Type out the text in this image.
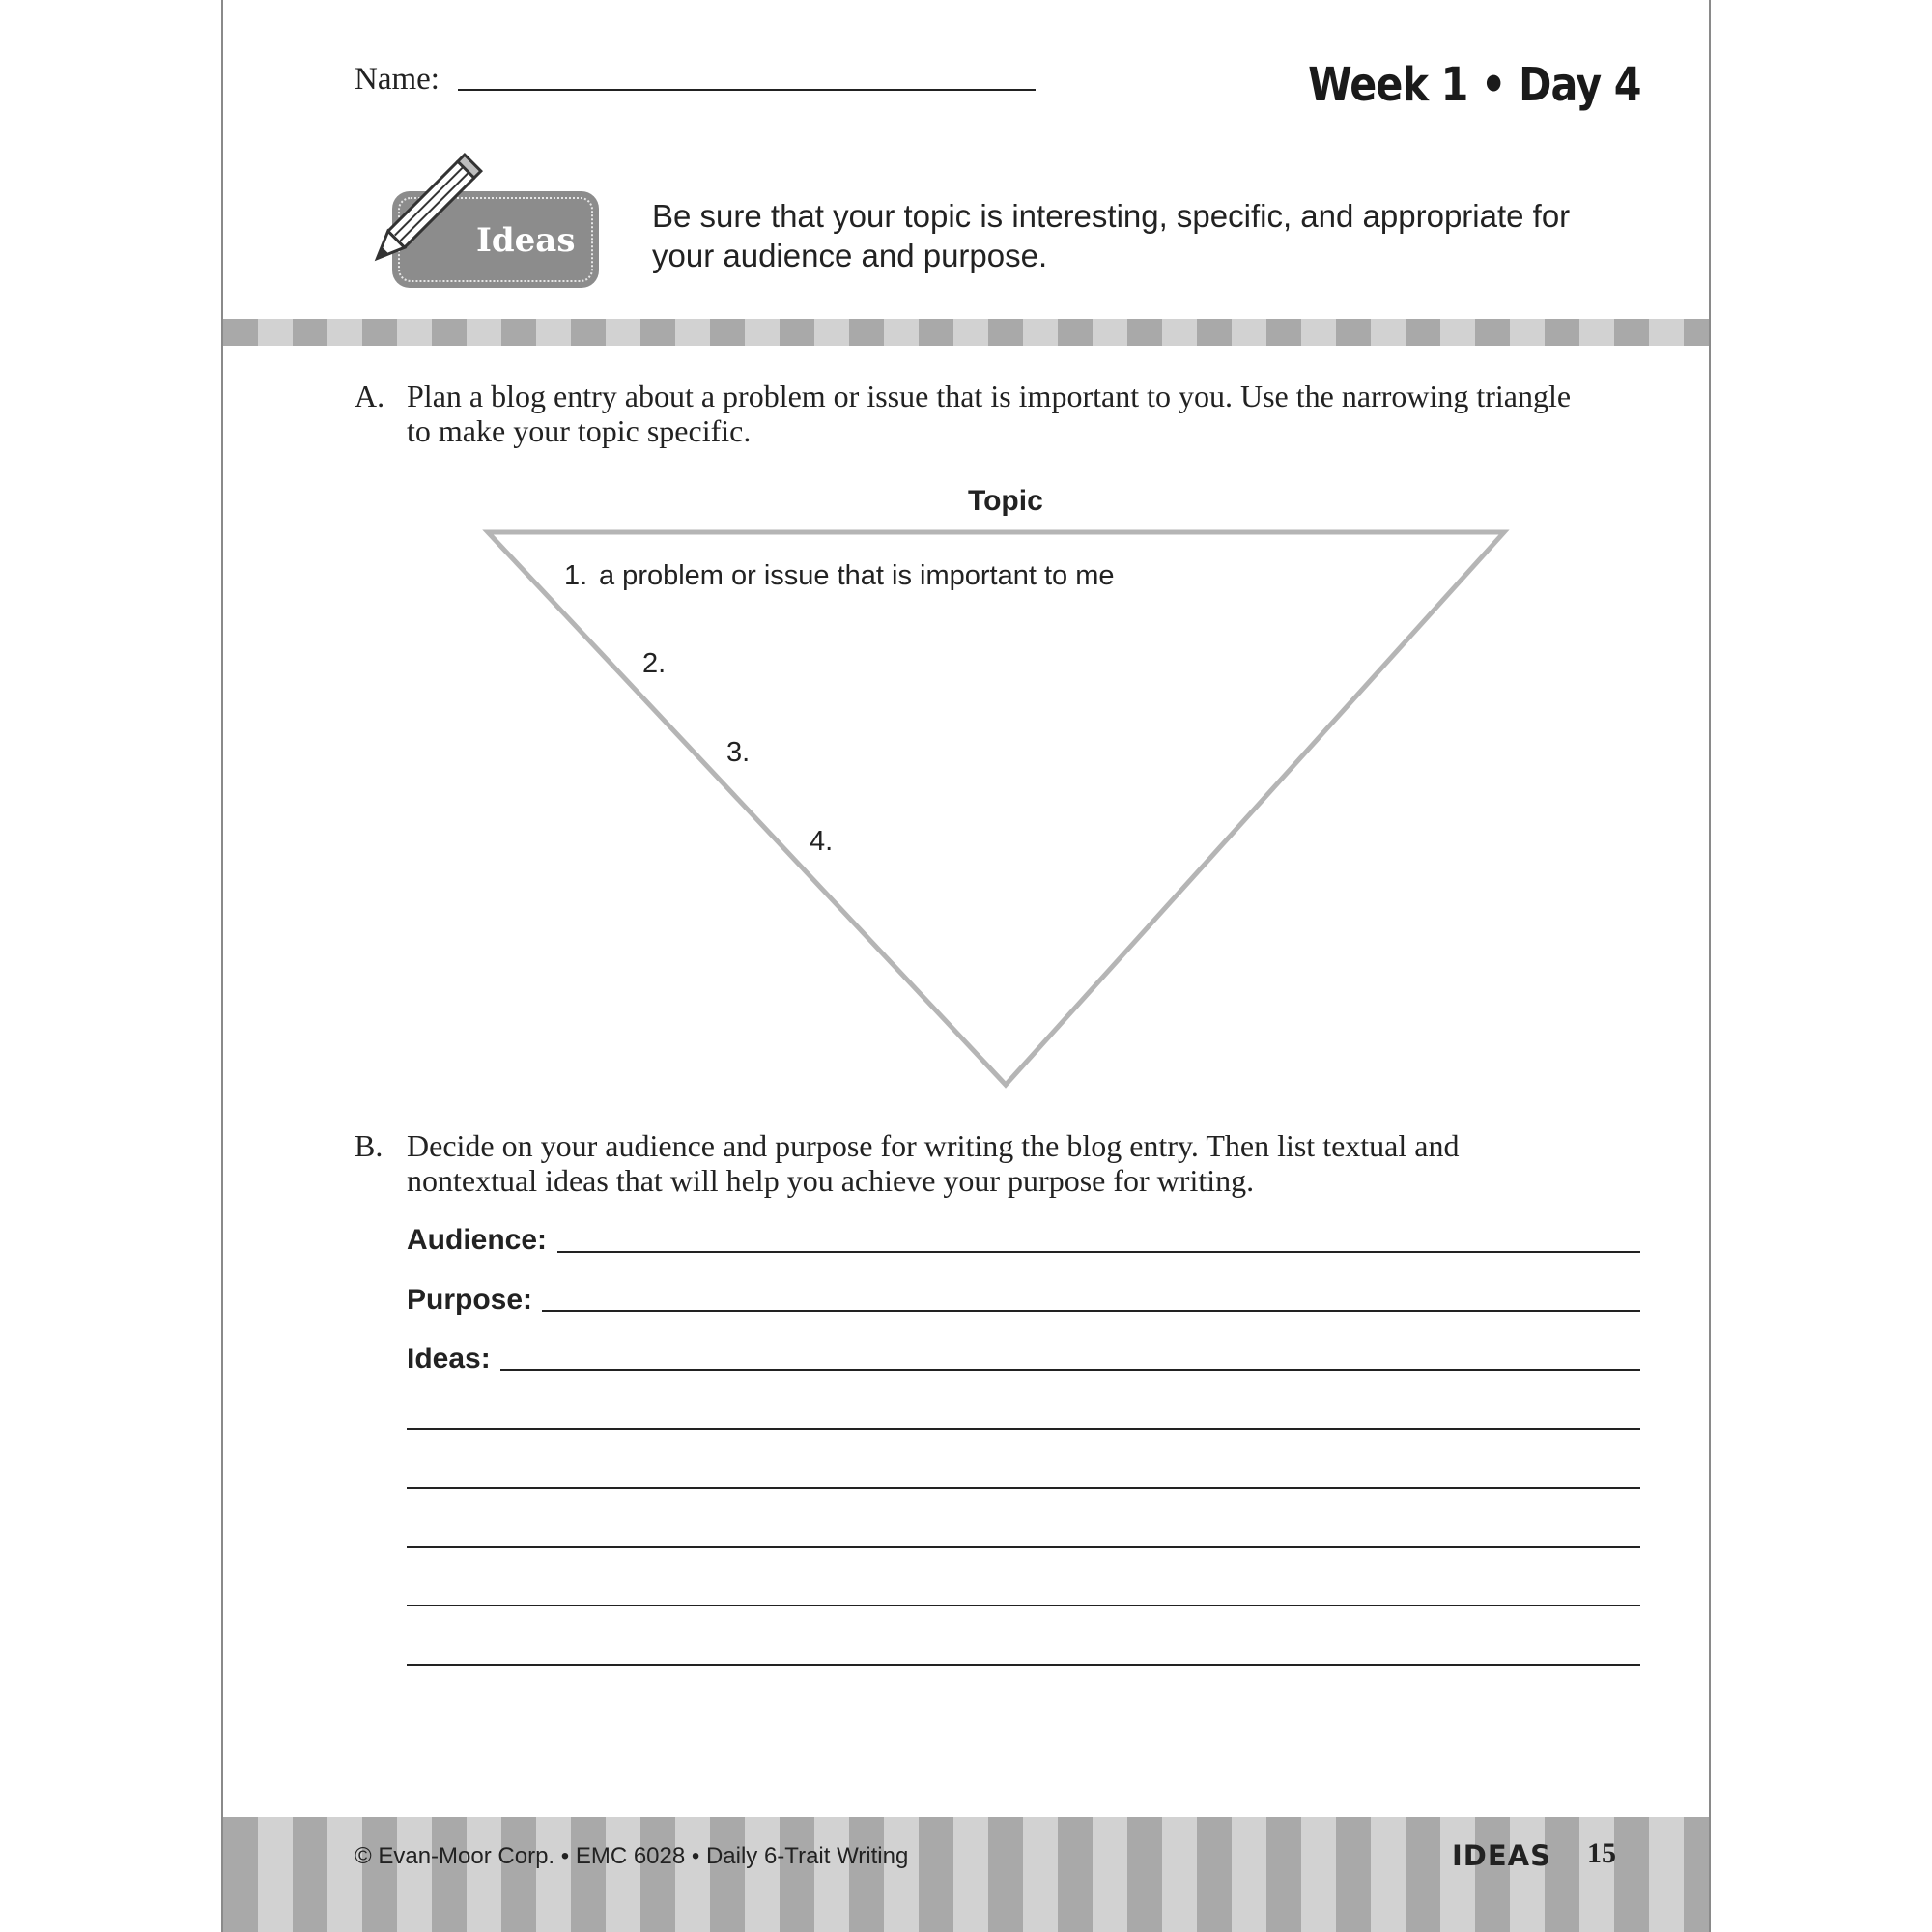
Name:	Week 1 • Day 4
Ideas
Be sure that your topic is interesting, specific, and appropriate for your audience and purpose.
A. Plan a blog entry about a problem or issue that is important to you. Use the narrowing triangle to make your topic specific.
Topic
1. a problem or issue that is important to me
2.
3.
4.
B. Decide on your audience and purpose for writing the blog entry. Then list textual and nontextual ideas that will help you achieve your purpose for writing.
Audience:
Purpose:
Ideas:
© Evan-Moor Corp. • EMC 6028 • Daily 6-Trait Writing	IDEAS 15
